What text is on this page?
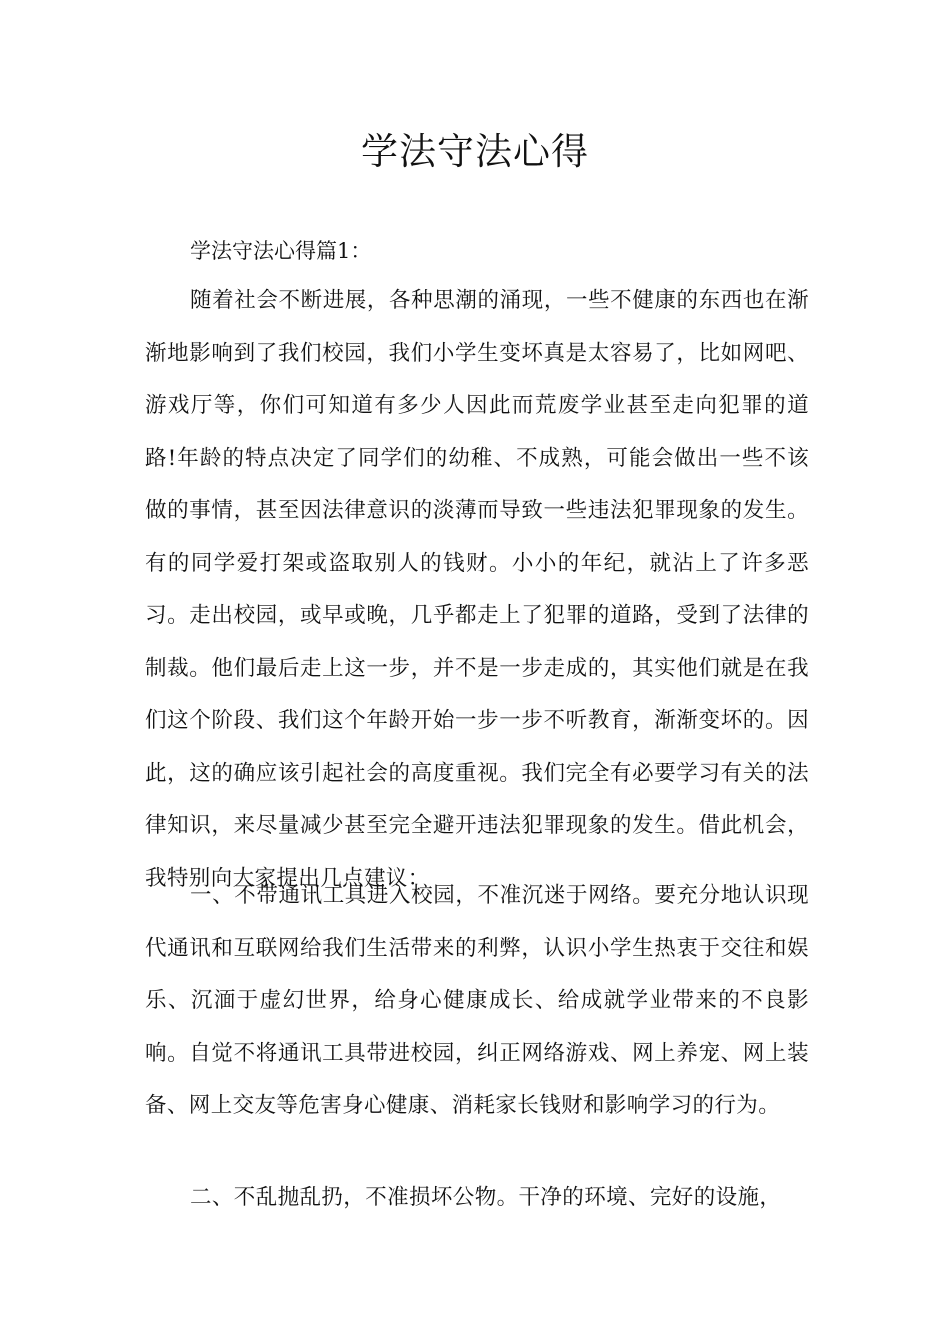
学法守法心得

学法守法心得篇1：

随着社会不断进展，各种思潮的涌现，一些不健康的东西也在渐渐地影响到了我们校园，我们小学生变坏真是太容易了，比如网吧、游戏厅等，你们可知道有多少人因此而荒废学业甚至走向犯罪的道路!年龄的特点决定了同学们的幼稚、不成熟，可能会做出一些不该做的事情，甚至因法律意识的淡薄而导致一些违法犯罪现象的发生。有的同学爱打架或盗取别人的钱财。小小的年纪，就沾上了许多恶习。走出校园，或早或晚，几乎都走上了犯罪的道路，受到了法律的制裁。他们最后走上这一步，并不是一步走成的，其实他们就是在我们这个阶段、我们这个年龄开始一步一步不听教育，渐渐变坏的。因此，这的确应该引起社会的高度重视。我们完全有必要学习有关的法律知识，来尽量减少甚至完全避开违法犯罪现象的发生。借此机会，我特别向大家提出几点建议：

一、不带通讯工具进入校园，不准沉迷于网络。要充分地认识现代通讯和互联网给我们生活带来的利弊，认识小学生热衷于交往和娱乐、沉湎于虚幻世界，给身心健康成长、给成就学业带来的不良影响。自觉不将通讯工具带进校园，纠正网络游戏、网上养宠、网上装备、网上交友等危害身心健康、消耗家长钱财和影响学习的行为。

二、不乱抛乱扔，不准损坏公物。干净的环境、完好的设施，
